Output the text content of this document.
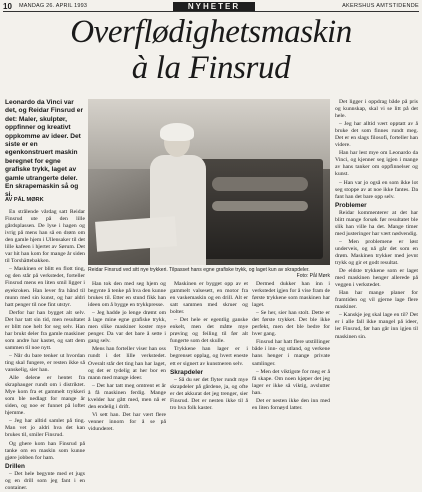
10 MANDAG 26. APRIL 1993	NYHETER	AKERSHUS AMTSTIDENDE
Overflødighetsmaskin
à la Finsrud
Leonardo da Vinci var det, og Reidar Finsrud er det: Maler, skulptør, oppfinner og kreativt oppkomme av ideer. Det siste er en egenkonstruert maskin beregnet for egne grafiske trykk, laget av gamle utrangerte deler. En skrapemaskin så og si.
AV PÅL MØRK
Reidar Finsrud ved sitt nye trykkeri. Tilpasset hans egne grafiske trykk, og laget kun av skrapdeler.
Foto: Pål Mørk

En strålende vårdag satt Reidar Finsrud ute på den lille gårdsplassen. De lyse i hagen og ivrig på mens han så en drøm om den gamle hjem i Ullensaker til det lille kafeen i hjertet av Sørum. Det var hit han kom for mange år siden til Torshättebakken.

– Maskinen er blitt en flott ting, og den står på verkstedet, forteller Finsrud mens en liten smil ligger i øyekroken. Han lever fra hånd til munn med sin kunst, og har aldri hatt penger til noe fint utstyr.

Derfor har han bygget alt selv. Det har tatt sin tid, men resultatet er blitt noe helt for seg selv. Han har brukt deler fra gamle maskiner som andre har kastet, og satt dem sammen til noe nytt.

– Når du bare tenker ut hvordan ting skal fungere, er resten ikke så vanskelig, sier han.

Alle delene er hentet fra skraphauger rundt om i distriktet. Mye kom fra et gammelt trykkeri som ble nedlagt for mange år siden, og noe er funnet på loftet hjemme.

– Jeg har alltid samlet på ting. Man vet jo aldri hva det kan brukes til, smiler Finsrud.

Og ghere kom han Finsrud på tanke om en maskin som kunne gjøre jobben for ham.

Drillen

– Det hele begynte med et jugs og en drill som jeg fant i en container.

Han tok den med seg hjem og begynte å tenke på hva den kunne brukes til. Etter en stund fikk han ideen om å bygge en trykkpresse.

– Jeg hadde jo lenge drømt om å lage mine egne grafiske trykk, men slike maskiner koster mye penger. Da var det bare å sette i gang selv.

Mens han forteller viser han oss rundt i det lille verkstedet. Overalt står det ting han har laget, og det er tydelig at her bor en mann med mange ideer.

– Det har tatt meg omtrent et år å få maskinen ferdig. Mange kvelder har gått med, men nå er den endelig i drift.

Vi sett han. Det har vært flere venner innom for å se på vidunderet.

Maskinen er bygget opp av et gammelt valsesett, en motor fra en vaskemaskin og en drill. Alt er satt sammen med skruer og bolter.

– Det hele er egentlig ganske enkelt, men det måtte mye prøving og feiling til før alt fungerte som det skulle.

Trykkene han lager er i begrenset opplag, og hvert eneste ett er signert av kunstneren selv.

Skrapdeler

– Så du ser det flyter rundt mye skrapdeler på gårdene, ja, og ofte er det akkurat det jeg trenger, sier Finsrud. Det er nesten ikke til å tro hva folk kaster.

Dermed dukker han inn i verkstedet igjen for å vise fram de første trykkene som maskinen har laget.

– Se her, sier han stolt. Dette er det første trykket. Det ble ikke perfekt, men det ble bedre for hver gang.

Finsrud har hatt flere utstillinger både i inn- og utland, og verkene hans henger i mange private samlinger.

– Men det viktigste for meg er å få skape. Om noen kjøper det jeg lager er ikke så viktig, avslutter han.

Det er nesten ikke den inn med en liten fornøyd latter.

Det ligger i oppdrag både på pris og kunnskap, skal vi se litt på det hele.

– Jeg har alltid vært opptatt av å bruke det som finnes rundt meg. Det er en slags filosofi, forteller han videre.

Han har lest mye om Leonardo da Vinci, og kjenner seg igjen i mange av hans tanker om oppfinnelser og kunst.

– Han var jo også en som ikke lot seg stoppe av at noe ikke fantes. Da fant han det bare opp selv.

Problemer

Reidar kommenterer at det har blitt mange forsøk før resultatet ble slik han ville ha det. Mange timer med justeringer har vært nødvendig.

– Men problemene er løst underveis, og nå går det som en drøm. Maskinen trykker med jevnt trykk og gir et godt resultat.

De eldste trykkene som er laget med maskinen henger allerede på veggen i verkstedet.

Han har mange planer for framtiden og vil gjerne lage flere maskiner.

– Kanskje jeg skal lage en til? Det er i alle fall ikke mangel på ideer, ler Finsrud, før han går inn igjen til maskinen sin.
